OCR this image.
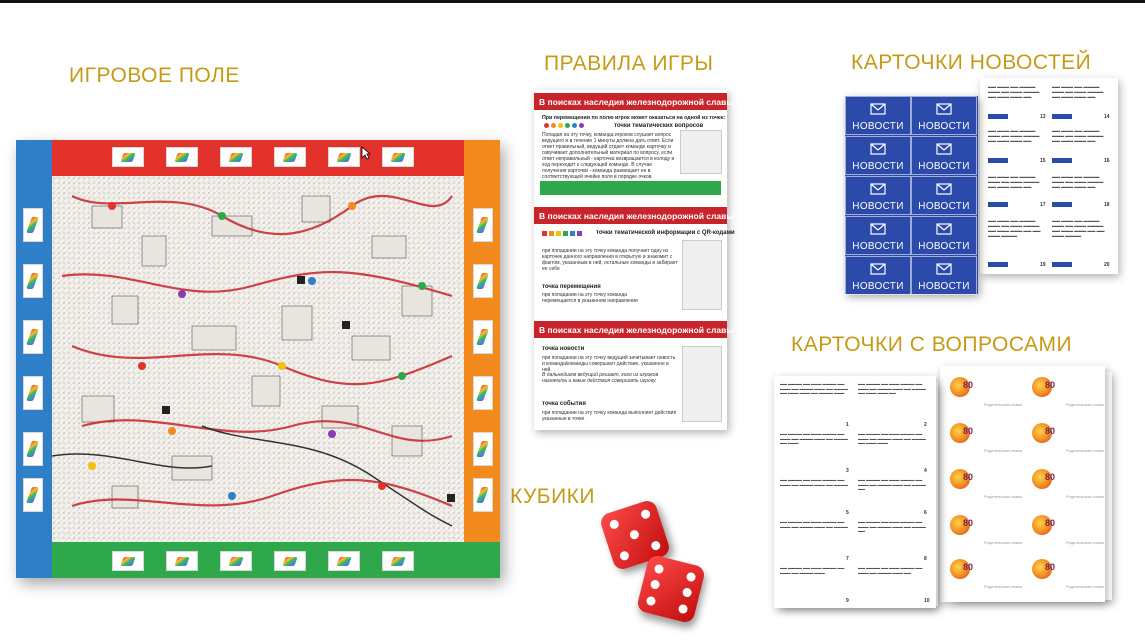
ИГРОВОЕ ПОЛЕ
ПРАВИЛА ИГРЫ	КАРТОЧКИ НОВОСТЕЙ
КАРТОЧКИ С ВОПРОСАМИ
КУБИКИ
В поисках наследия железнодорожной славы
При перемещении по полю игрок может оказаться на одной из точек:
точки тематических вопросов
Попадая на эту точку, команда игроков слушает вопрос ведущего и в течение 1 минуты должна дать ответ. Если ответ правильный, ведущий отдает команде карточку и озвучивает дополнительный материал по вопросу, если ответ неправильный - карточка возвращается в колоду и ход переходит к следующей команде. В случае получения карточки - команда размещает ее в соответствующей ячейке поля в порядке очков.
В поисках наследия железнодорожной славы
точки тематической информации с QR-кодами
при попадании на эту точку команда получает одну из карточек данного направления в открытую и знакомит с фактом, указанным в ней, остальные команды и забирает ее себе
точка перемещения
при попадании на эту точку команда перемещается в указанном направлении
В поисках наследия железнодорожной славы
точка новости
при попадании на эту точку ведущий зачитывает новость и команда/команды совершают действие, указанное в ней.
В дальнейшем ведущий решает, кого из игроков назначить и какие действия совершать игроку.
точка события
при попадании на эту точку команда выполняет действия указанные в точке
▬▬ ▬▬▬ ▬▬ ▬▬▬▬ ▬▬▬ ▬▬ ▬▬▬ ▬▬▬▬ ▬▬ ▬▬▬ ▬▬▬ ▬▬
▬▬ ▬▬▬ ▬▬ ▬▬▬▬ ▬▬▬ ▬▬ ▬▬▬ ▬▬▬▬ ▬▬ ▬▬▬ ▬▬▬ ▬▬
13	14
▬▬ ▬▬▬ ▬▬ ▬▬▬▬ ▬▬▬ ▬▬ ▬▬▬ ▬▬▬▬ ▬▬ ▬▬▬ ▬▬▬ ▬▬
▬▬ ▬▬▬ ▬▬ ▬▬▬▬ ▬▬▬ ▬▬ ▬▬▬ ▬▬▬▬ ▬▬ ▬▬▬ ▬▬▬ ▬▬
15	16
▬▬ ▬▬▬ ▬▬ ▬▬▬▬ ▬▬▬ ▬▬ ▬▬▬ ▬▬▬▬ ▬▬ ▬▬▬ ▬▬▬ ▬▬
▬▬ ▬▬▬ ▬▬ ▬▬▬▬ ▬▬▬ ▬▬ ▬▬▬ ▬▬▬▬ ▬▬ ▬▬▬ ▬▬▬ ▬▬
17	18
▬▬ ▬▬▬ ▬▬ ▬▬▬▬ ▬▬▬ ▬▬ ▬▬▬ ▬▬▬▬ ▬▬ ▬▬▬ ▬▬▬ ▬▬ ▬▬ ▬▬▬ ▬▬▬▬
▬▬ ▬▬▬ ▬▬ ▬▬▬▬ ▬▬▬ ▬▬ ▬▬▬ ▬▬▬▬ ▬▬ ▬▬▬ ▬▬▬ ▬▬ ▬▬ ▬▬▬ ▬▬▬▬
19	20
НОВОСТИ	НОВОСТИ
НОВОСТИ	НОВОСТИ
НОВОСТИ	НОВОСТИ
НОВОСТИ	НОВОСТИ
НОВОСТИ	НОВОСТИ
80	80
Родительская слава	Родительская слава
80	80
Родительская слава	Родительская слава
80	80
Родительская слава	Родительская слава
80	80
Родительская слава	Родительская слава
80	80
Родительская слава	Родительская слава
▬▬ ▬▬▬▬ ▬▬ ▬▬▬ ▬▬▬▬ ▬▬ ▬▬▬ ▬▬ ▬▬▬▬ ▬▬▬ ▬▬ ▬▬▬▬ ▬▬ ▬▬▬ ▬▬▬ ▬▬ ▬▬▬▬ ▬▬▬
▬▬ ▬▬▬▬ ▬▬ ▬▬▬ ▬▬▬▬ ▬▬ ▬▬▬ ▬▬ ▬▬▬▬ ▬▬▬ ▬▬ ▬▬▬▬ ▬▬ ▬▬▬ ▬▬▬ ▬▬
1	2
▬▬ ▬▬▬▬ ▬▬ ▬▬▬ ▬▬▬▬ ▬▬ ▬▬▬ ▬▬ ▬▬▬▬ ▬▬▬ ▬▬ ▬▬▬▬ ▬▬ ▬▬▬
▬▬ ▬▬▬▬ ▬▬ ▬▬▬ ▬▬▬▬ ▬▬ ▬▬▬ ▬▬ ▬▬▬▬ ▬▬▬ ▬▬ ▬▬▬▬ ▬▬ ▬▬▬ ▬▬▬
3	4
▬▬ ▬▬▬▬ ▬▬ ▬▬▬ ▬▬▬▬ ▬▬ ▬▬▬ ▬▬ ▬▬▬▬ ▬▬▬ ▬▬ ▬▬▬▬
▬▬ ▬▬▬▬ ▬▬ ▬▬▬ ▬▬▬▬ ▬▬ ▬▬▬ ▬▬ ▬▬▬▬ ▬▬▬ ▬▬ ▬▬▬▬ ▬▬
5	6
▬▬ ▬▬▬▬ ▬▬ ▬▬▬ ▬▬▬▬ ▬▬ ▬▬▬ ▬▬ ▬▬▬▬ ▬▬▬ ▬▬ ▬▬▬▬
▬▬ ▬▬▬▬ ▬▬ ▬▬▬ ▬▬▬▬ ▬▬ ▬▬▬ ▬▬ ▬▬▬▬ ▬▬▬ ▬▬ ▬▬▬▬ ▬▬
7	8
▬▬ ▬▬▬▬ ▬▬ ▬▬▬ ▬▬▬▬ ▬▬ ▬▬▬ ▬▬ ▬▬▬▬ ▬▬▬
▬▬ ▬▬▬▬ ▬▬ ▬▬▬ ▬▬▬▬ ▬▬ ▬▬▬ ▬▬ ▬▬▬▬ ▬▬▬ ▬▬
9	10
